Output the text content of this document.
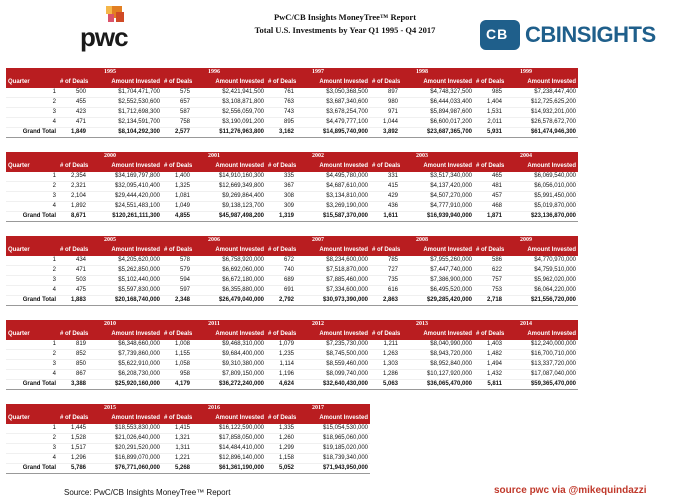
pwc
PwC/CB Insights MoneyTree™ Report
Total U.S. Investments by Year Q1 1995 - Q4 2017	CB CBINSIGHTS
	1995		1996		1997		1998		1999	
Quarter	# of Deals	Amount Invested	# of Deals	Amount Invested	# of Deals	Amount Invested	# of Deals	Amount Invested	# of Deals	Amount Invested
1	500	$1,704,471,700	575	$2,421,941,500	761	$3,050,368,500	897	$4,748,327,500	985	$7,238,447,400
2	455	$2,552,530,600	657	$3,108,871,800	763	$3,687,340,600	980	$6,444,033,400	1,404	$12,725,625,200
3	423	$1,712,698,300	587	$2,556,059,700	743	$3,678,254,700	971	$5,894,987,600	1,531	$14,932,201,000
4	471	$2,134,591,700	758	$3,190,091,200	895	$4,479,777,100	1,044	$6,600,017,200	2,011	$26,578,672,700
Grand Total	1,849	$8,104,292,300	2,577	$11,276,963,800	3,162	$14,895,740,900	3,892	$23,687,365,700	5,931	$61,474,946,300
	2000		2001		2002		2003		2004	
Quarter	# of Deals	Amount Invested	# of Deals	Amount Invested	# of Deals	Amount Invested	# of Deals	Amount Invested	# of Deals	Amount Invested
1	2,354	$34,169,797,800	1,400	$14,910,160,300	335	$4,495,780,000	331	$3,517,340,000	465	$6,069,540,000
2	2,321	$32,095,410,400	1,325	$12,669,349,800	367	$4,687,610,000	415	$4,137,420,000	481	$6,056,010,000
3	2,104	$29,444,420,000	1,081	$9,269,864,400	308	$3,134,810,000	429	$4,507,270,000	457	$5,991,450,000
4	1,892	$24,551,483,100	1,049	$9,138,123,700	309	$3,269,190,000	436	$4,777,910,000	468	$5,019,870,000
Grand Total	8,671	$120,261,111,300	4,855	$45,987,498,200	1,319	$15,587,370,000	1,611	$16,939,940,000	1,871	$23,136,870,000
	2005		2006		2007		2008		2009	
Quarter	# of Deals	Amount Invested	# of Deals	Amount Invested	# of Deals	Amount Invested	# of Deals	Amount Invested	# of Deals	Amount Invested
1	434	$4,205,620,000	578	$6,758,920,000	672	$8,234,600,000	785	$7,955,260,000	586	$4,770,970,000
2	471	$5,262,850,000	579	$6,692,060,000	740	$7,518,870,000	727	$7,447,740,000	622	$4,759,510,000
3	503	$5,102,440,000	594	$6,672,180,000	689	$7,885,460,000	735	$7,386,900,000	757	$5,962,020,000
4	475	$5,597,830,000	597	$6,355,880,000	691	$7,334,600,000	616	$6,495,520,000	753	$6,064,220,000
Grand Total	1,883	$20,168,740,000	2,348	$26,479,040,000	2,792	$30,973,390,000	2,863	$29,285,420,000	2,718	$21,556,720,000
	2010		2011		2012		2013		2014	
Quarter	# of Deals	Amount Invested	# of Deals	Amount Invested	# of Deals	Amount Invested	# of Deals	Amount Invested	# of Deals	Amount Invested
1	819	$6,348,660,000	1,008	$9,468,310,000	1,079	$7,235,730,000	1,211	$8,040,990,000	1,403	$12,240,000,000
2	852	$7,739,860,000	1,155	$9,684,400,000	1,235	$8,745,500,000	1,263	$8,943,720,000	1,482	$16,700,710,000
3	850	$5,622,910,000	1,058	$9,310,380,000	1,114	$8,559,460,000	1,303	$8,952,840,000	1,494	$13,337,720,000
4	867	$6,208,730,000	958	$7,809,150,000	1,196	$8,099,740,000	1,286	$10,127,920,000	1,432	$17,087,040,000
Grand Total	3,388	$25,920,160,000	4,179	$36,272,240,000	4,624	$32,640,430,000	5,063	$36,065,470,000	5,811	$59,365,470,000
	2015		2016		2017	
Quarter	# of Deals	Amount Invested	# of Deals	Amount Invested	# of Deals	Amount Invested
1	1,445	$18,553,830,000	1,415	$16,122,590,000	1,335	$15,054,530,000
2	1,528	$21,026,640,000	1,321	$17,858,050,000	1,260	$18,965,060,000
3	1,517	$20,291,520,000	1,311	$14,484,410,000	1,299	$19,185,020,000
4	1,296	$16,899,070,000	1,221	$12,896,140,000	1,158	$18,739,340,000
Grand Total	5,786	$76,771,060,000	5,268	$61,361,190,000	5,052	$71,943,950,000
Source: PwC/CB Insights MoneyTree™ Report	source pwc via @mikequindazzi
